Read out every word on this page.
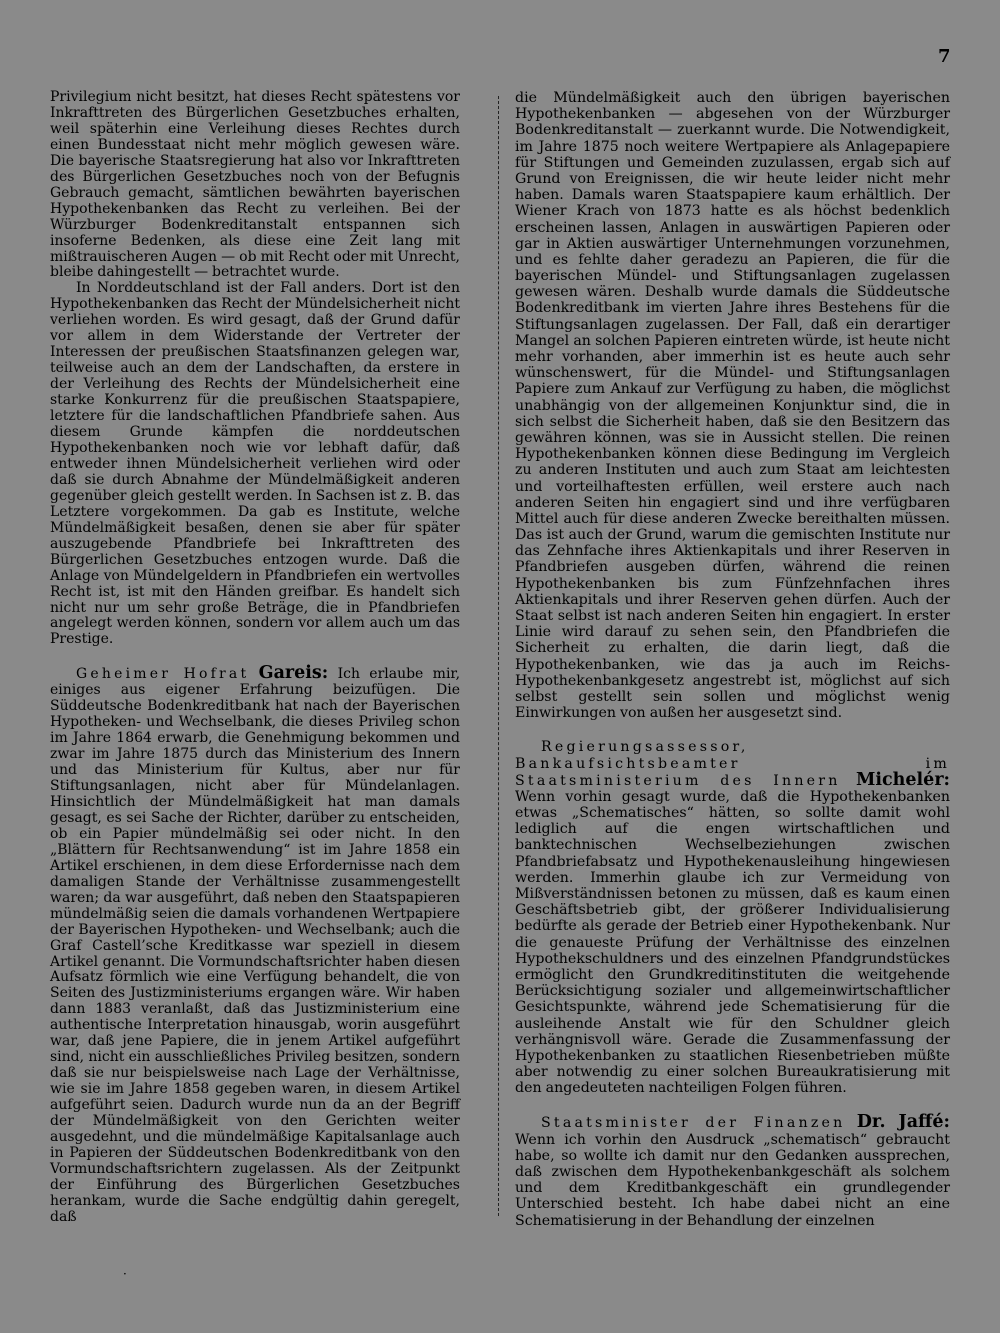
7

Privilegium nicht besitzt, hat dieses Recht spätestens vor Inkrafttreten des Bürgerlichen Gesetzbuches erhalten, weil späterhin eine Verleihung dieses Rechtes durch einen Bundesstaat nicht mehr möglich gewesen wäre. Die bayerische Staatsregierung hat also vor Inkrafttreten des Bürgerlichen Gesetzbuches noch von der Befugnis Gebrauch gemacht, sämtlichen bewährten bayerischen Hypothekenbanken das Recht zu verleihen. Bei der Würzburger Bodenkreditanstalt entspannen sich insoferne Bedenken, als diese eine Zeit lang mit mißtrauischeren Augen — ob mit Recht oder mit Unrecht, bleibe dahingestellt — betrachtet wurde.

In Norddeutschland ist der Fall anders. Dort ist den Hypothekenbanken das Recht der Mündelsicherheit nicht verliehen worden. Es wird gesagt, daß der Grund dafür vor allem in dem Widerstande der Vertreter der Interessen der preußischen Staatsfinanzen gelegen war, teilweise auch an dem der Landschaften, da erstere in der Verleihung des Rechts der Mündelsicherheit eine starke Konkurrenz für die preußischen Staatspapiere, letztere für die landschaftlichen Pfandbriefe sahen. Aus diesem Grunde kämpfen die norddeutschen Hypothekenbanken noch wie vor lebhaft dafür, daß entweder ihnen Mündelsicherheit verliehen wird oder daß sie durch Abnahme der Mündelmäßigkeit anderen gegenüber gleich gestellt werden. In Sachsen ist z. B. das Letztere vorgekommen. Da gab es Institute, welche Mündelmäßigkeit besaßen, denen sie aber für später auszugebende Pfandbriefe bei Inkrafttreten des Bürgerlichen Gesetzbuches entzogen wurde. Daß die Anlage von Mündelgeldern in Pfandbriefen ein wertvolles Recht ist, ist mit den Händen greifbar. Es handelt sich nicht nur um sehr große Beträge, die in Pfandbriefen angelegt werden können, sondern vor allem auch um das Prestige.

Geheimer Hofrat Gareis: Ich erlaube mir, einiges aus eigener Erfahrung beizufügen. Die Süddeutsche Bodenkreditbank hat nach der Bayerischen Hypotheken- und Wechselbank, die dieses Privileg schon im Jahre 1864 erwarb, die Genehmigung bekommen und zwar im Jahre 1875 durch das Ministerium des Innern und das Ministerium für Kultus, aber nur für Stiftungsanlagen, nicht aber für Mündelanlagen. Hinsichtlich der Mündelmäßigkeit hat man damals gesagt, es sei Sache der Richter, darüber zu entscheiden, ob ein Papier mündelmäßig sei oder nicht. In den „Blättern für Rechtsanwendung“ ist im Jahre 1858 ein Artikel erschienen, in dem diese Erfordernisse nach dem damaligen Stande der Verhältnisse zusammengestellt waren; da war ausgeführt, daß neben den Staatspapieren mündelmäßig seien die damals vorhandenen Wertpapiere der Bayerischen Hypotheken- und Wechselbank; auch die Graf Castell’sche Kreditkasse war speziell in diesem Artikel genannt. Die Vormundschaftsrichter haben diesen Aufsatz förmlich wie eine Verfügung behandelt, die von Seiten des Justizministeriums ergangen wäre. Wir haben dann 1883 veranlaßt, daß das Justizministerium eine authentische Interpretation hinausgab, worin ausgeführt war, daß jene Papiere, die in jenem Artikel aufgeführt sind, nicht ein ausschließliches Privileg besitzen, sondern daß sie nur beispielsweise nach Lage der Verhältnisse, wie sie im Jahre 1858 gegeben waren, in diesem Artikel aufgeführt seien. Dadurch wurde nun da an der Begriff der Mündelmäßigkeit von den Gerichten weiter ausgedehnt, und die mündelmäßige Kapitalsanlage auch in Papieren der Süddeutschen Bodenkreditbank von den Vormundschaftsrichtern zugelassen. Als der Zeitpunkt der Einführung des Bürgerlichen Gesetzbuches herankam, wurde die Sache endgültig dahin geregelt, daß

die Mündelmäßigkeit auch den übrigen bayerischen Hypothekenbanken — abgesehen von der Würzburger Bodenkreditanstalt — zuerkannt wurde. Die Notwendigkeit, im Jahre 1875 noch weitere Wertpapiere als Anlagepapiere für Stiftungen und Gemeinden zuzulassen, ergab sich auf Grund von Ereignissen, die wir heute leider nicht mehr haben. Damals waren Staatspapiere kaum erhältlich. Der Wiener Krach von 1873 hatte es als höchst bedenklich erscheinen lassen, Anlagen in auswärtigen Papieren oder gar in Aktien auswärtiger Unternehmungen vorzunehmen, und es fehlte daher geradezu an Papieren, die für die bayerischen Mündel- und Stiftungsanlagen zugelassen gewesen wären. Deshalb wurde damals die Süddeutsche Bodenkreditbank im vierten Jahre ihres Bestehens für die Stiftungsanlagen zugelassen. Der Fall, daß ein derartiger Mangel an solchen Papieren eintreten würde, ist heute nicht mehr vorhanden, aber immerhin ist es heute auch sehr wünschenswert, für die Mündel- und Stiftungsanlagen Papiere zum Ankauf zur Verfügung zu haben, die möglichst unabhängig von der allgemeinen Konjunktur sind, die in sich selbst die Sicherheit haben, daß sie den Besitzern das gewähren können, was sie in Aussicht stellen. Die reinen Hypothekenbanken können diese Bedingung im Vergleich zu anderen Instituten und auch zum Staat am leichtesten und vorteilhaftesten erfüllen, weil erstere auch nach anderen Seiten hin engagiert sind und ihre verfügbaren Mittel auch für diese anderen Zwecke bereithalten müssen. Das ist auch der Grund, warum die gemischten Institute nur das Zehnfache ihres Aktienkapitals und ihrer Reserven in Pfandbriefen ausgeben dürfen, während die reinen Hypothekenbanken bis zum Fünfzehnfachen ihres Aktienkapitals und ihrer Reserven gehen dürfen. Auch der Staat selbst ist nach anderen Seiten hin engagiert. In erster Linie wird darauf zu sehen sein, den Pfandbriefen die Sicherheit zu erhalten, die darin liegt, daß die Hypothekenbanken, wie das ja auch im Reichs-Hypothekenbankgesetz angestrebt ist, möglichst auf sich selbst gestellt sein sollen und möglichst wenig Einwirkungen von außen her ausgesetzt sind.

Regierungsassessor, Bankaufsichtsbeamter im Staatsministerium des Innern Michelér: Wenn vorhin gesagt wurde, daß die Hypothekenbanken etwas „Schematisches“ hätten, so sollte damit wohl lediglich auf die engen wirtschaftlichen und banktechnischen Wechselbeziehungen zwischen Pfandbriefabsatz und Hypothekenausleihung hingewiesen werden. Immerhin glaube ich zur Vermeidung von Mißverständnissen betonen zu müssen, daß es kaum einen Geschäftsbetrieb gibt, der größerer Individualisierung bedürfte als gerade der Betrieb einer Hypothekenbank. Nur die genaueste Prüfung der Verhältnisse des einzelnen Hypothekschuldners und des einzelnen Pfandgrundstückes ermöglicht den Grundkreditinstituten die weitgehende Berücksichtigung sozialer und allgemeinwirtschaftlicher Gesichtspunkte, während jede Schematisierung für die ausleihende Anstalt wie für den Schuldner gleich verhängnisvoll wäre. Gerade die Zusammenfassung der Hypothekenbanken zu staatlichen Riesenbetrieben müßte aber notwendig zu einer solchen Bureaukratisierung mit den angedeuteten nachteiligen Folgen führen.

Staatsminister der Finanzen Dr. Jaffé: Wenn ich vorhin den Ausdruck „schematisch“ gebraucht habe, so wollte ich damit nur den Gedanken aussprechen, daß zwischen dem Hypothekenbankgeschäft als solchem und dem Kreditbankgeschäft ein grundlegender Unterschied besteht. Ich habe dabei nicht an eine Schematisierung in der Behandlung der einzelnen

·
